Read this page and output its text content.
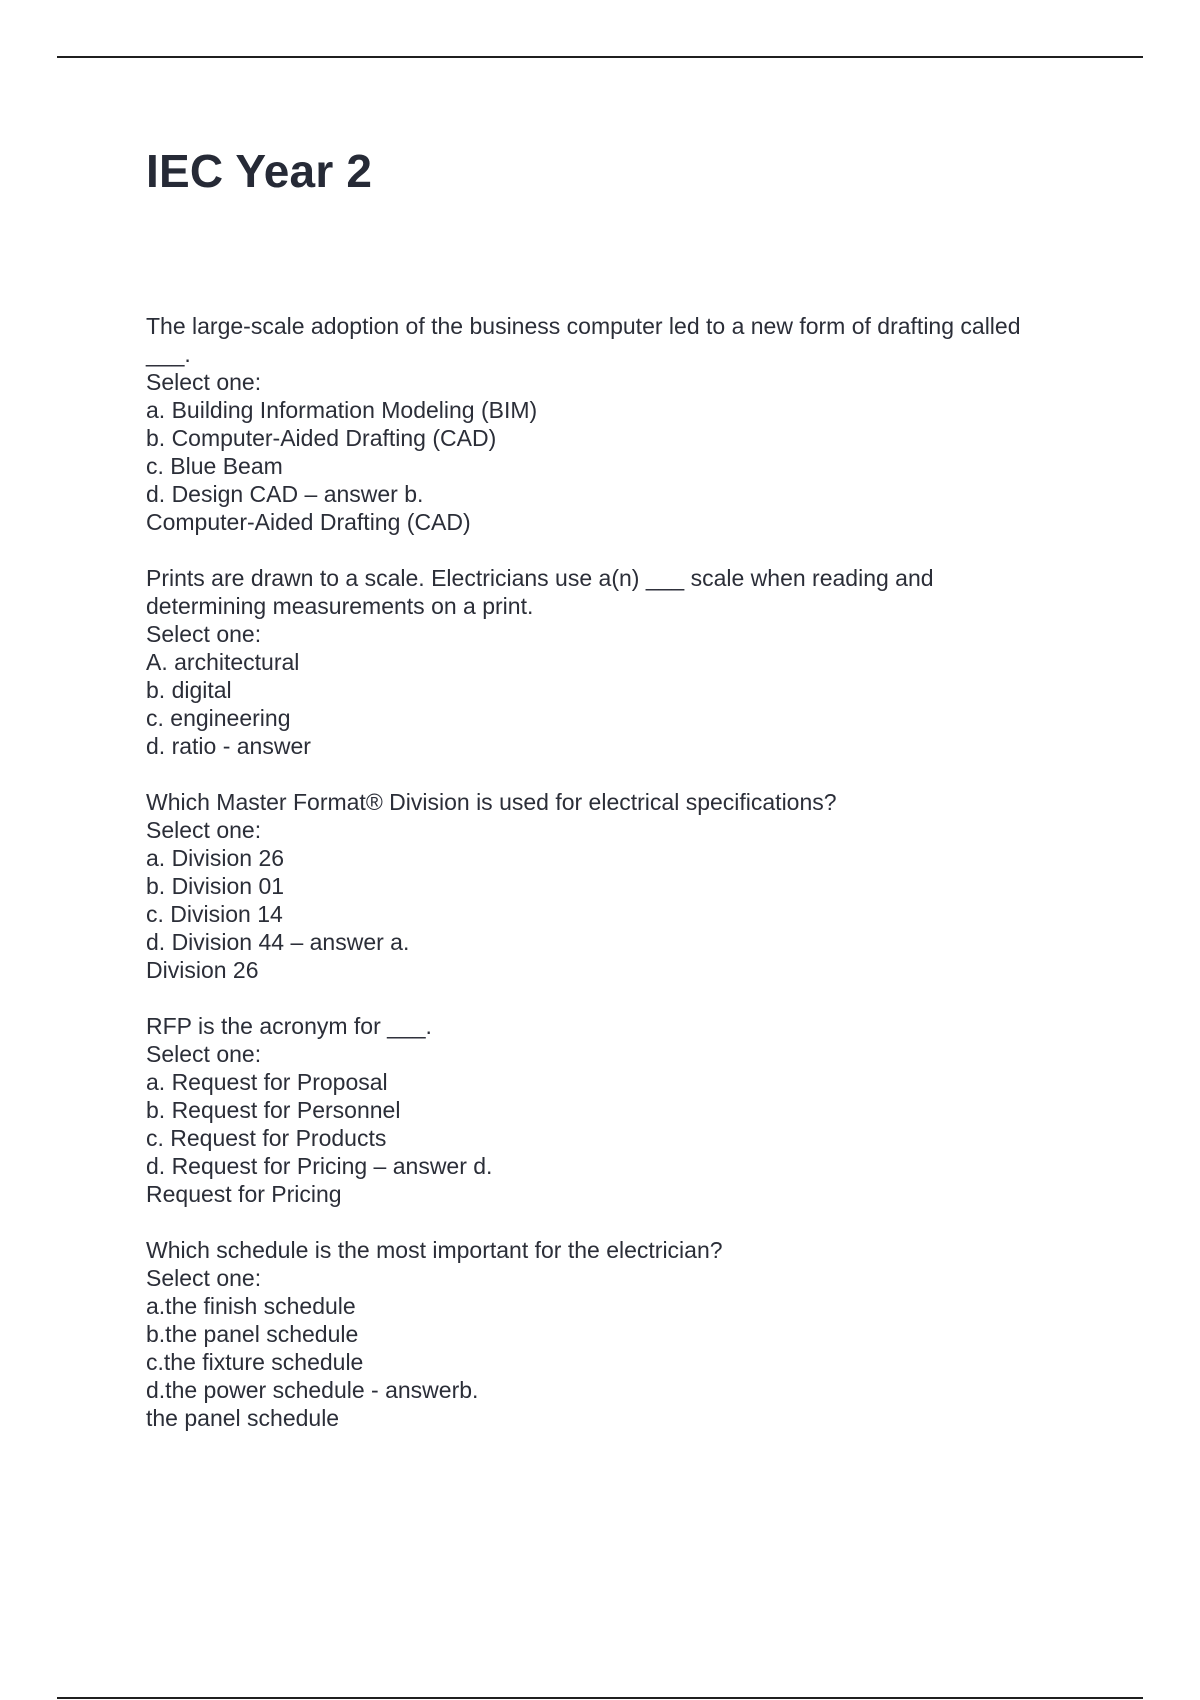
IEC Year 2
The large-scale adoption of the business computer led to a new form of drafting called
___.
Select one:
a. Building Information Modeling (BIM)
b. Computer-Aided Drafting (CAD)
c. Blue Beam
d. Design CAD – answer b.
Computer-Aided Drafting (CAD)
Prints are drawn to a scale. Electricians use a(n) ___ scale when reading and
determining measurements on a print.
Select one:
A. architectural
b. digital
c. engineering
d. ratio - answer
Which Master Format® Division is used for electrical specifications?
Select one:
a. Division 26
b. Division 01
c. Division 14
d. Division 44 – answer a.
Division 26
RFP is the acronym for ___.
Select one:
a. Request for Proposal
b. Request for Personnel
c. Request for Products
d. Request for Pricing – answer d.
Request for Pricing
Which schedule is the most important for the electrician?
Select one:
a.the finish schedule
b.the panel schedule
c.the fixture schedule
d.the power schedule - answerb.
the panel schedule
